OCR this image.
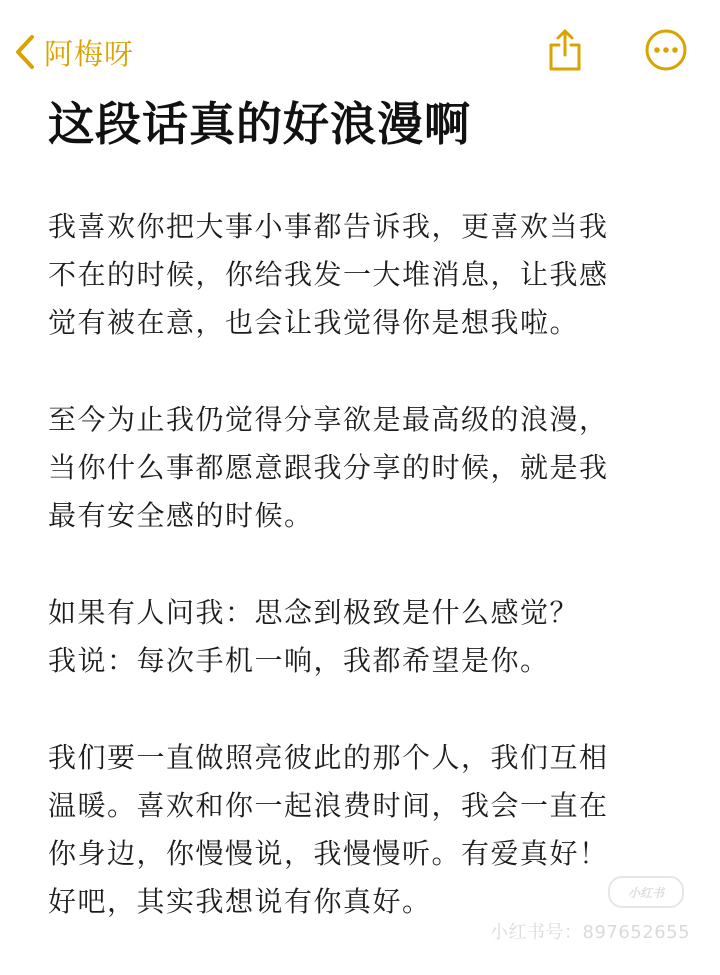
阿梅呀
这段话真的好浪漫啊
我喜欢你把大事小事都告诉我，更喜欢当我
不在的时候，你给我发一大堆消息，让我感
觉有被在意，也会让我觉得你是想我啦。
至今为止我仍觉得分享欲是最高级的浪漫，
当你什么事都愿意跟我分享的时候，就是我
最有安全感的时候。
如果有人问我：思念到极致是什么感觉？
我说：每次手机一响，我都希望是你。
我们要一直做照亮彼此的那个人，我们互相
温暖。喜欢和你一起浪费时间，我会一直在
你身边，你慢慢说，我慢慢听。有爱真好！
好吧，其实我想说有你真好。	小红书
小红书号：897652655
